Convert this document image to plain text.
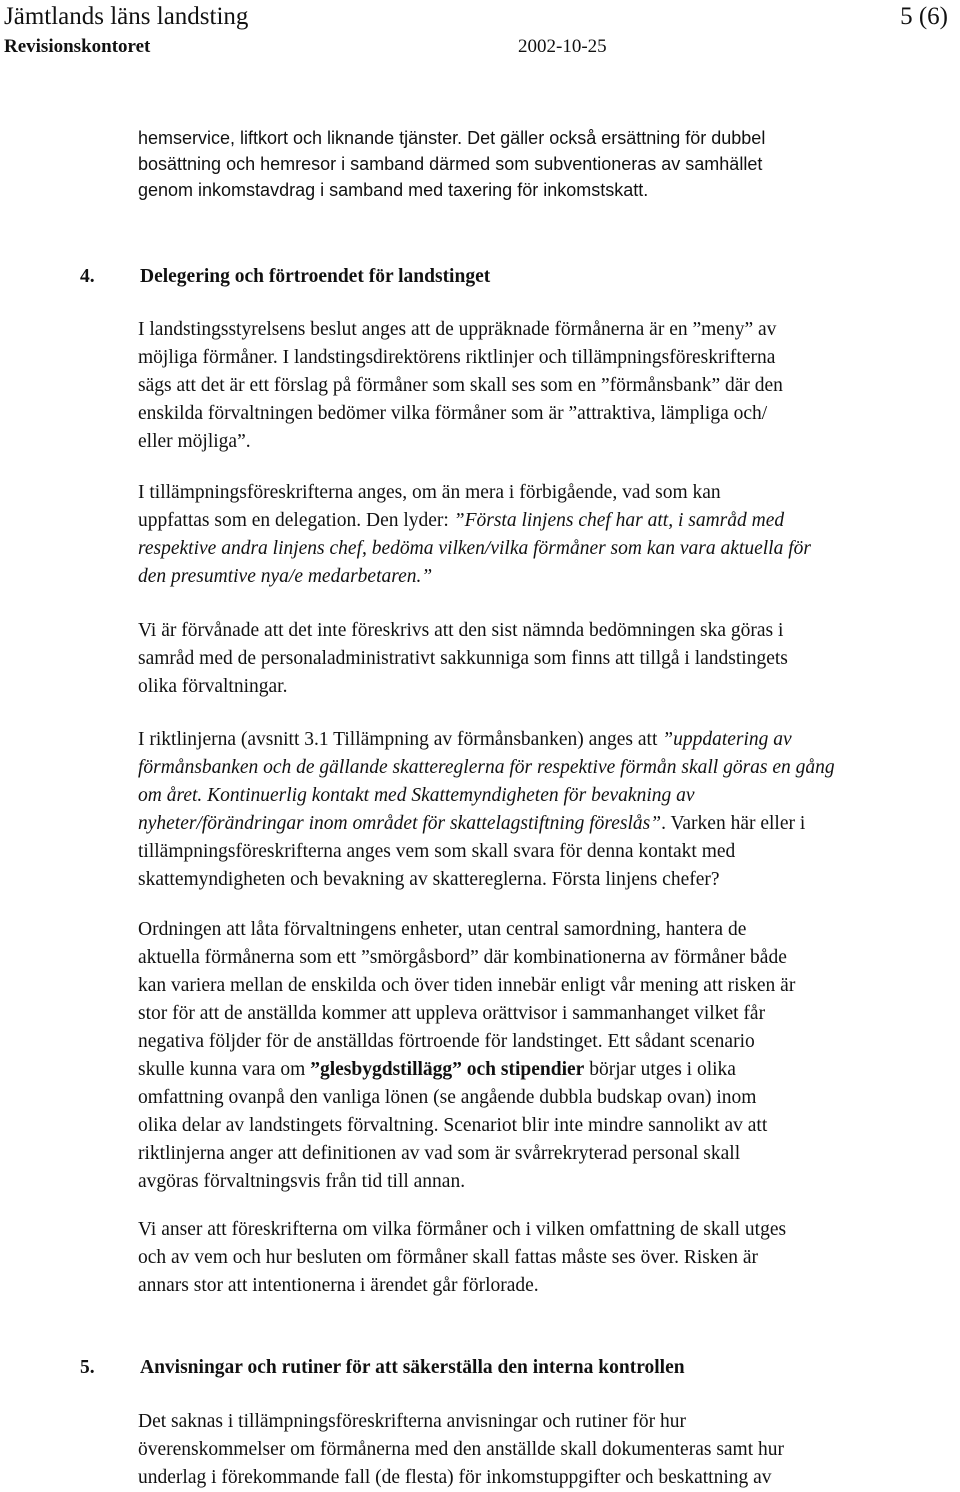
Jämtlands läns landsting	5 (6)
Revisionskontoret	2002-10-25
hemservice, liftkort och liknande tjänster. Det gäller också ersättning för dubbel
bosättning och hemresor i samband därmed som subventioneras av samhället
genom inkomstavdrag i samband med taxering för inkomstskatt.
4. Delegering och förtroendet för landstinget
I landstingsstyrelsens beslut anges att de uppräknade förmånerna är en ”meny” av
möjliga förmåner. I landstingsdirektörens riktlinjer och tillämpningsföreskrifterna
sägs att det är ett förslag på förmåner som skall ses som en ”förmånsbank” där den
enskilda förvaltningen bedömer vilka förmåner som är ”attraktiva, lämpliga och/
eller möjliga”.
I tillämpningsföreskrifterna anges, om än mera i förbigående, vad som kan
uppfattas som en delegation. Den lyder: ”Första linjens chef har att, i samråd med
respektive andra linjens chef, bedöma vilken/vilka förmåner som kan vara aktuella för
den presumtive nya/e medarbetaren.”
Vi är förvånade att det inte föreskrivs att den sist nämnda bedömningen ska göras i
samråd med de personaladministrativt sakkunniga som finns att tillgå i landstingets
olika förvaltningar.
I riktlinjerna (avsnitt 3.1 Tillämpning av förmånsbanken) anges att ”uppdatering av
förmånsbanken och de gällande skattereglerna för respektive förmån skall göras en gång
om året. Kontinuerlig kontakt med Skattemyndigheten för bevakning av
nyheter/förändringar inom området för skattelagstiftning föreslås”. Varken här eller i
tillämpningsföreskrifterna anges vem som skall svara för denna kontakt med
skattemyndigheten och bevakning av skattereglerna. Första linjens chefer?
Ordningen att låta förvaltningens enheter, utan central samordning, hantera de
aktuella förmånerna som ett ”smörgåsbord” där kombinationerna av förmåner både
kan variera mellan de enskilda och över tiden innebär enligt vår mening att risken är
stor för att de anställda kommer att uppleva orättvisor i sammanhanget vilket får
negativa följder för de anställdas förtroende för landstinget. Ett sådant scenario
skulle kunna vara om ”glesbygdstillägg” och stipendier börjar utges i olika
omfattning ovanpå den vanliga lönen (se angående dubbla budskap ovan) inom
olika delar av landstingets förvaltning. Scenariot blir inte mindre sannolikt av att
riktlinjerna anger att definitionen av vad som är svårrekryterad personal skall
avgöras förvaltningsvis från tid till annan.
Vi anser att föreskrifterna om vilka förmåner och i vilken omfattning de skall utges
och av vem och hur besluten om förmåner skall fattas måste ses över. Risken är
annars stor att intentionerna i ärendet går förlorade.
5. Anvisningar och rutiner för att säkerställa den interna kontrollen
Det saknas i tillämpningsföreskrifterna anvisningar och rutiner för hur
överenskommelser om förmånerna med den anställde skall dokumenteras samt hur
underlag i förekommande fall (de flesta) för inkomstuppgifter och beskattning av
